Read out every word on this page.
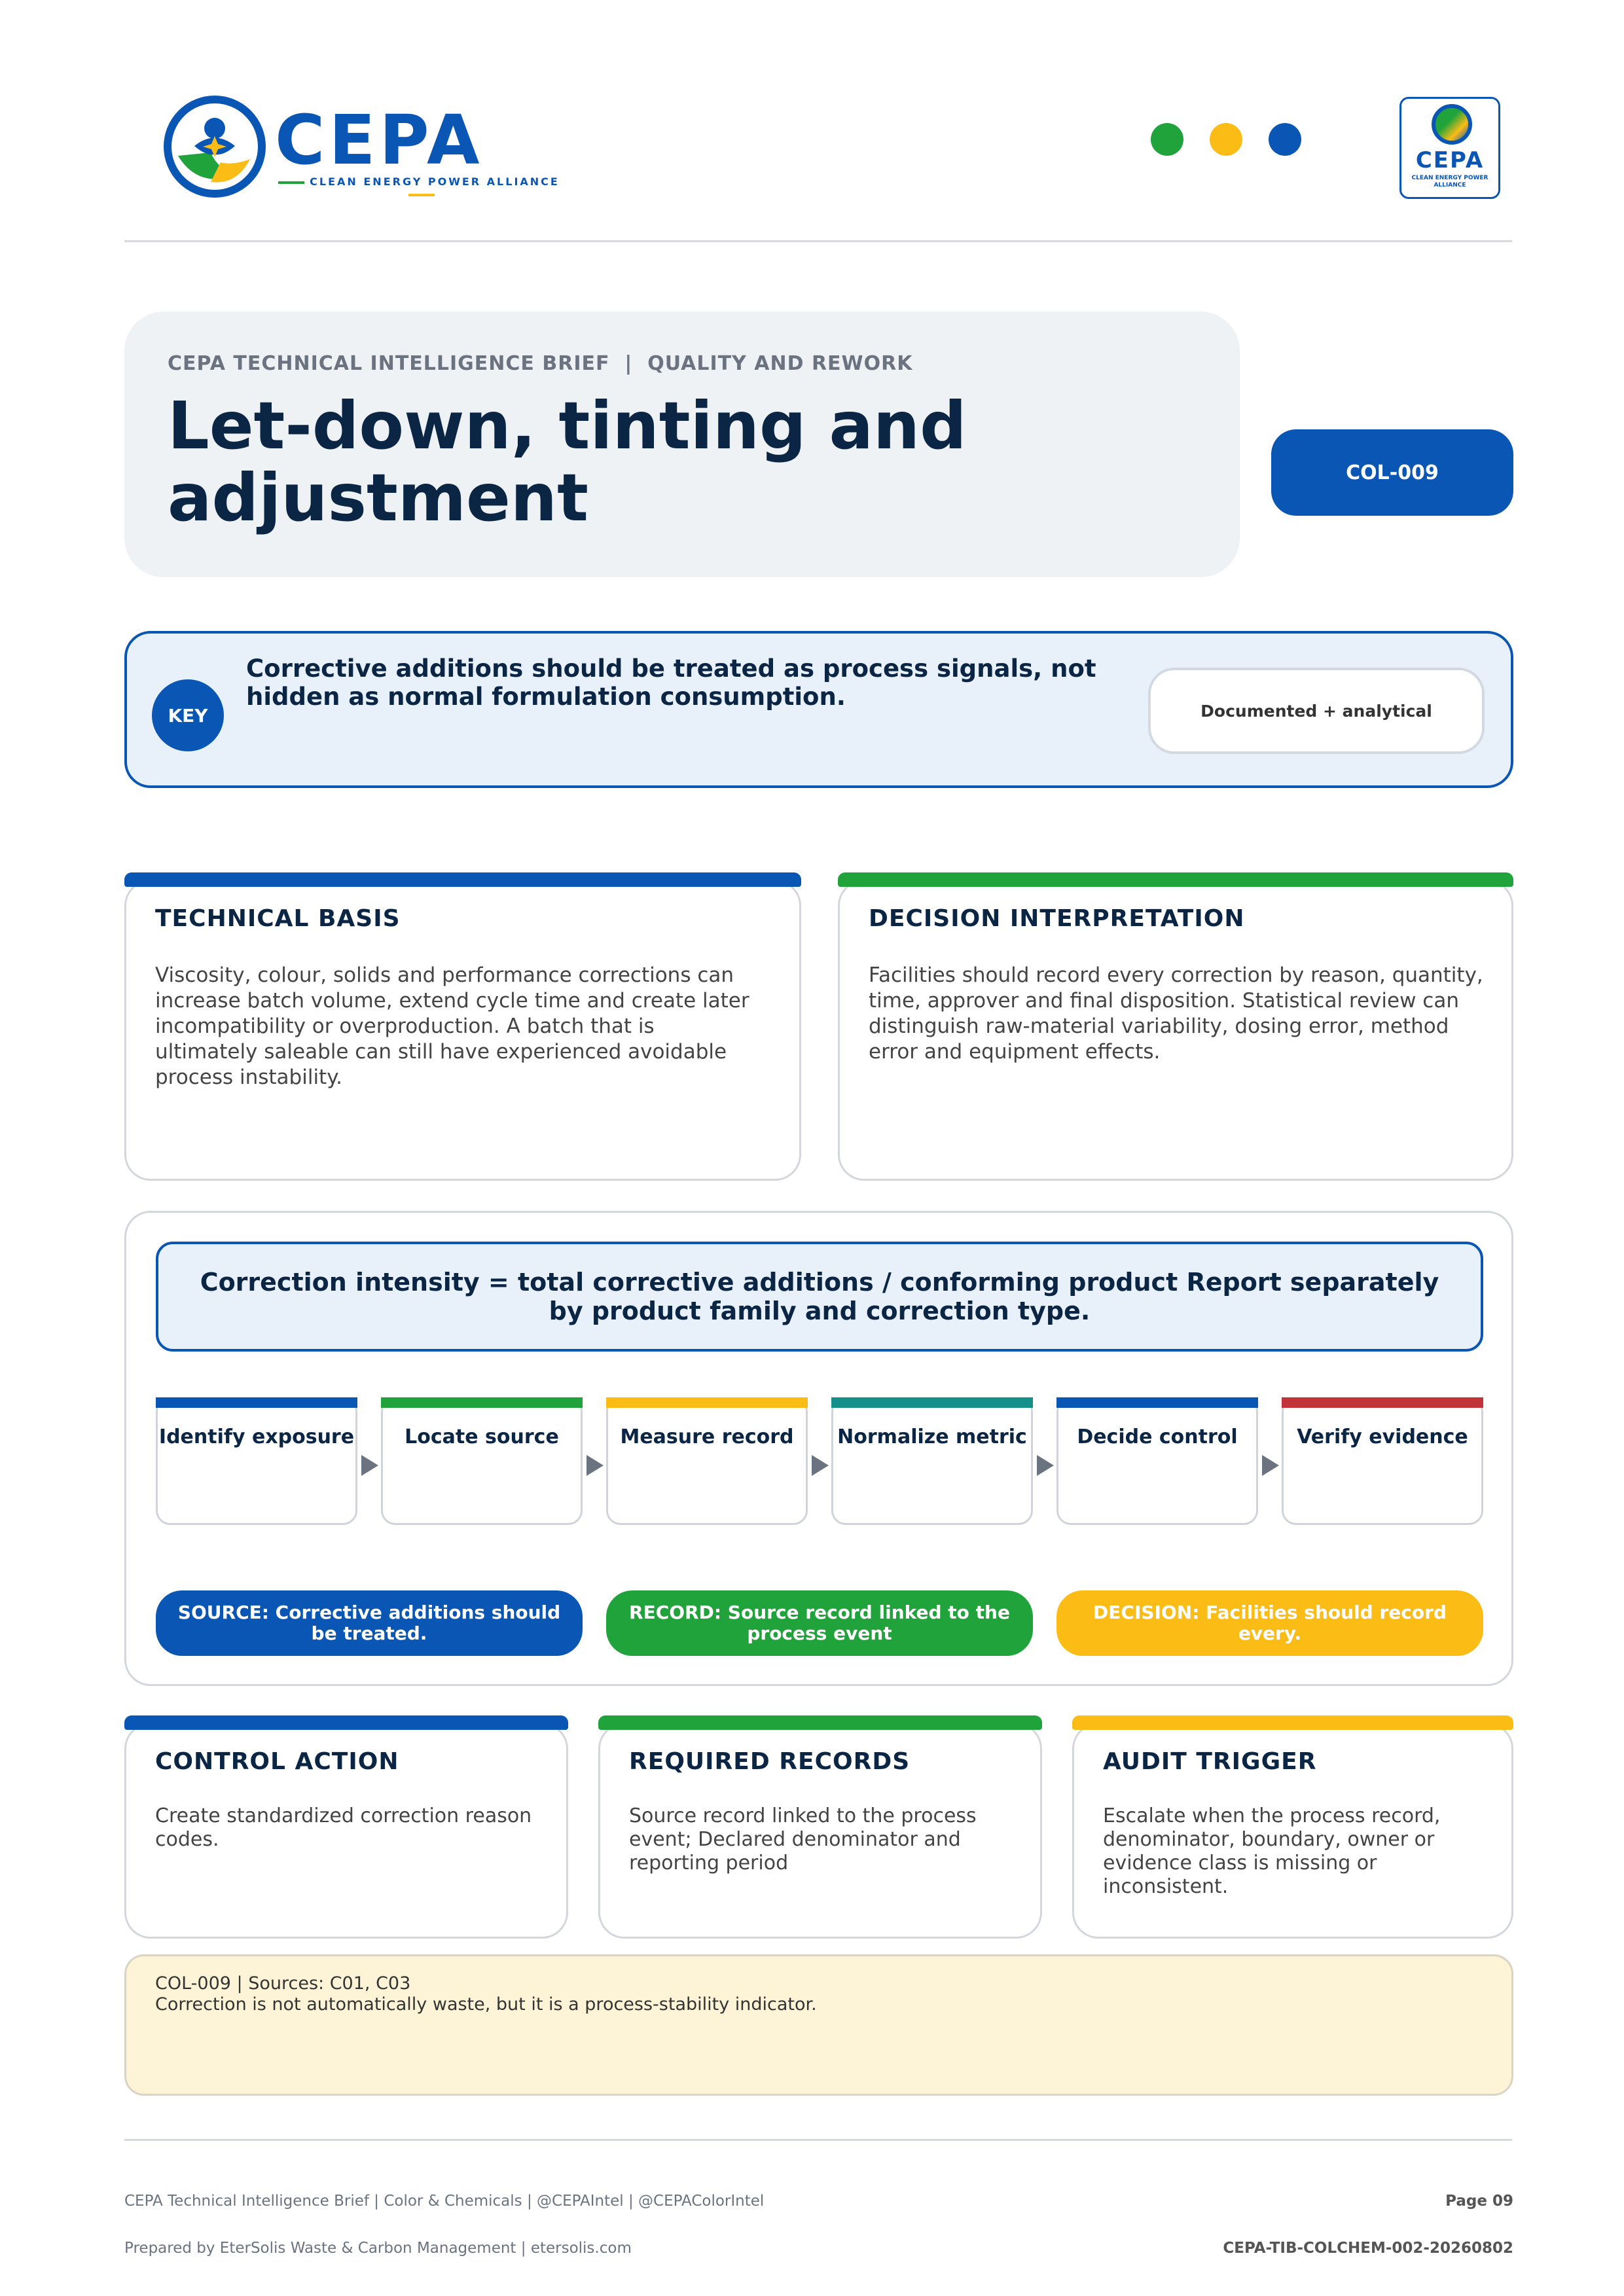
CEPA
CLEAN ENERGY POWER ALLIANCE
CEPA
CLEAN ENERGY POWER ALLIANCE
CEPA TECHNICAL INTELLIGENCE BRIEF  |  QUALITY AND REWORK
Let-down, tinting and adjustment	COL-009
KEY
Corrective additions should be treated as process signals, not hidden as normal formulation consumption.	Documented + analytical
TECHNICAL BASIS
Viscosity, colour, solids and performance corrections can increase batch volume, extend cycle time and create later incompatibility or overproduction. A batch that is ultimately saleable can still have experienced avoidable process instability.
DECISION INTERPRETATION
Facilities should record every correction by reason, quantity, time, approver and final disposition. Statistical review can distinguish raw-material variability, dosing error, method error and equipment effects.
Correction intensity = total corrective additions / conforming product Report separately by product family and correction type.
Identify exposure	Locate source	Measure record	Normalize metric	Decide control	Verify evidence
SOURCE: Corrective additions should be treated.
RECORD: Source record linked to the process event
DECISION: Facilities should record every.
CONTROL ACTION
Create standardized correction reason codes.
REQUIRED RECORDS
Source record linked to the process event; Declared denominator and reporting period
AUDIT TRIGGER
Escalate when the process record, denominator, boundary, owner or evidence class is missing or inconsistent.
COL-009 | Sources: C01, C03
Correction is not automatically waste, but it is a process-stability indicator.
CEPA Technical Intelligence Brief | Color & Chemicals | @CEPAIntel | @CEPAColorIntel	Page 09
Prepared by EterSolis Waste & Carbon Management | etersolis.com	CEPA-TIB-COLCHEM-002-20260802
